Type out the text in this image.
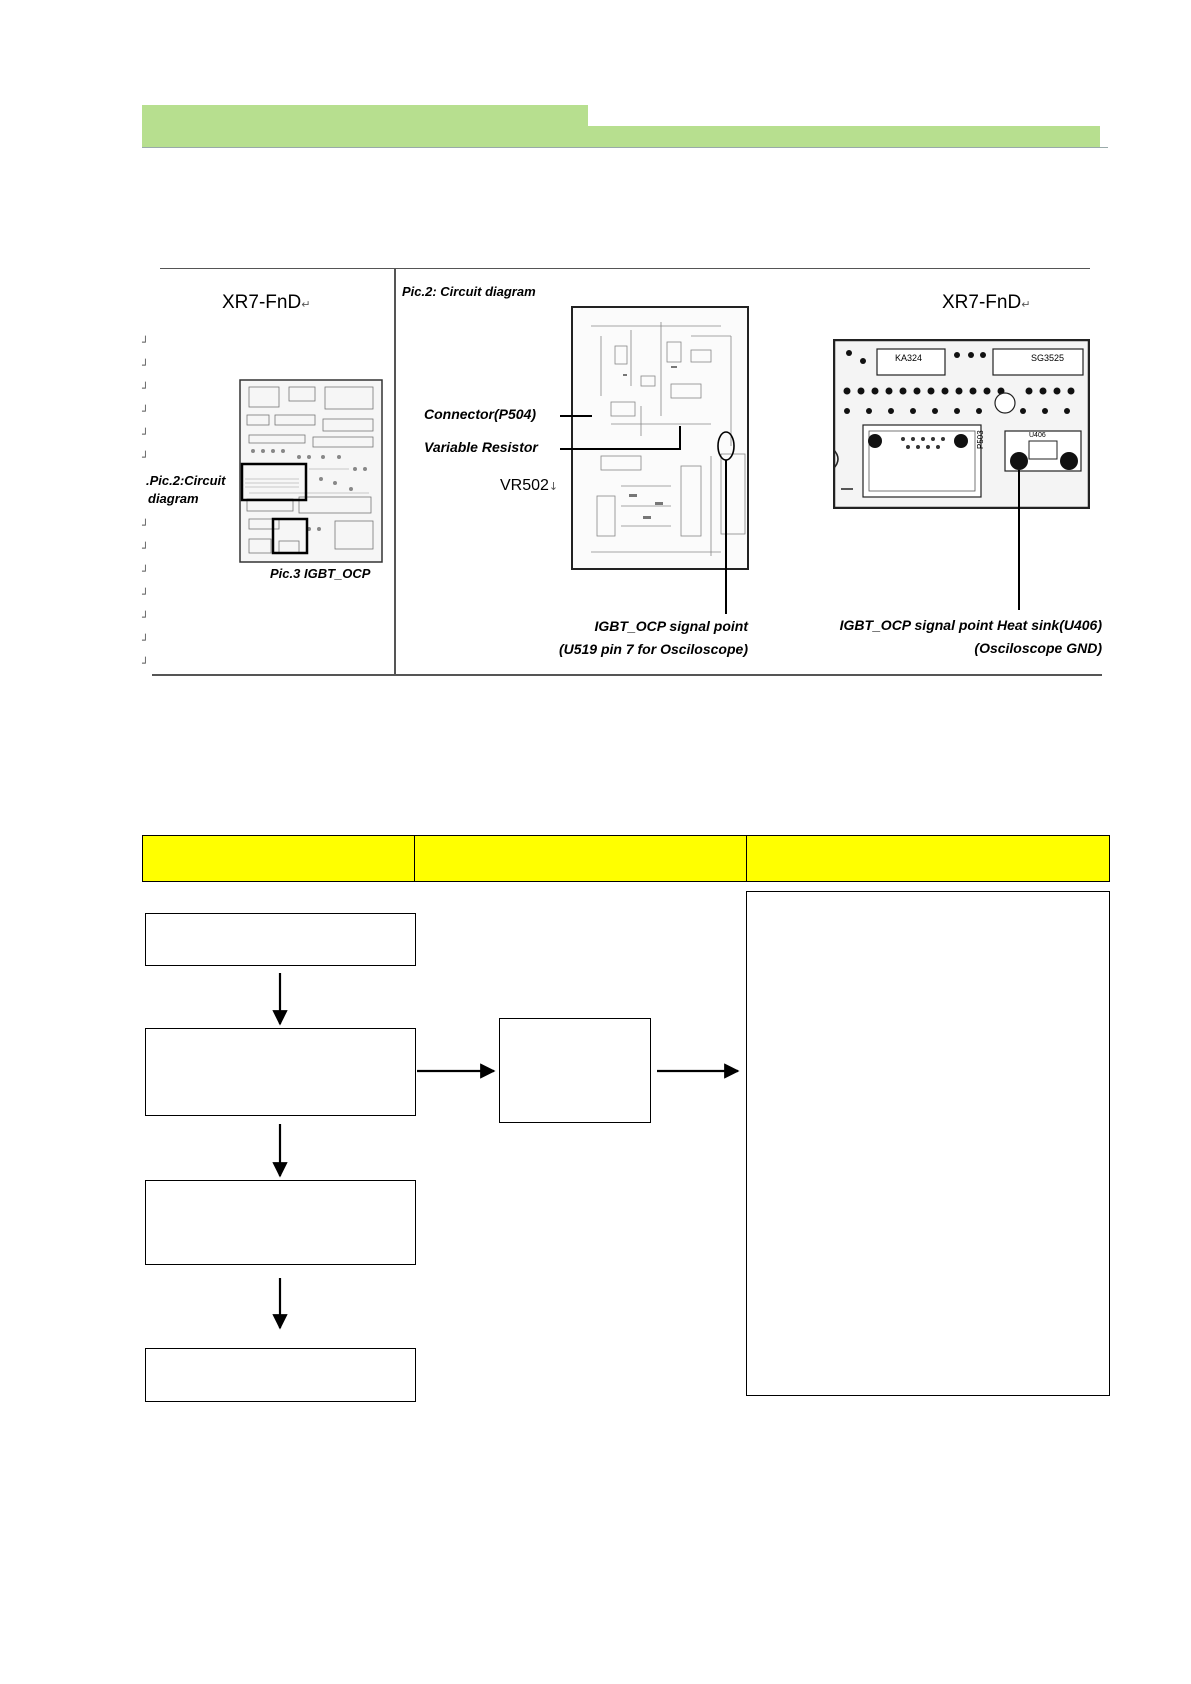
XR7-FnD↵
┘
┘
┘
┘
┘
┘
┘
┘
┘
┘
┘
┘
┘
.Pic.2:Circuit
diagram
Pic.3 IGBT_OCP
Pic.2: Circuit diagram
Connector(P504)
Variable Resistor
VR502↓
IGBT_OCP signal point
(U519 pin 7 for Osciloscope)
XR7-FnD↵
KA324	SG3525
P503	U406
IGBT_OCP signal point Heat sink(U406)
(Osciloscope GND)
